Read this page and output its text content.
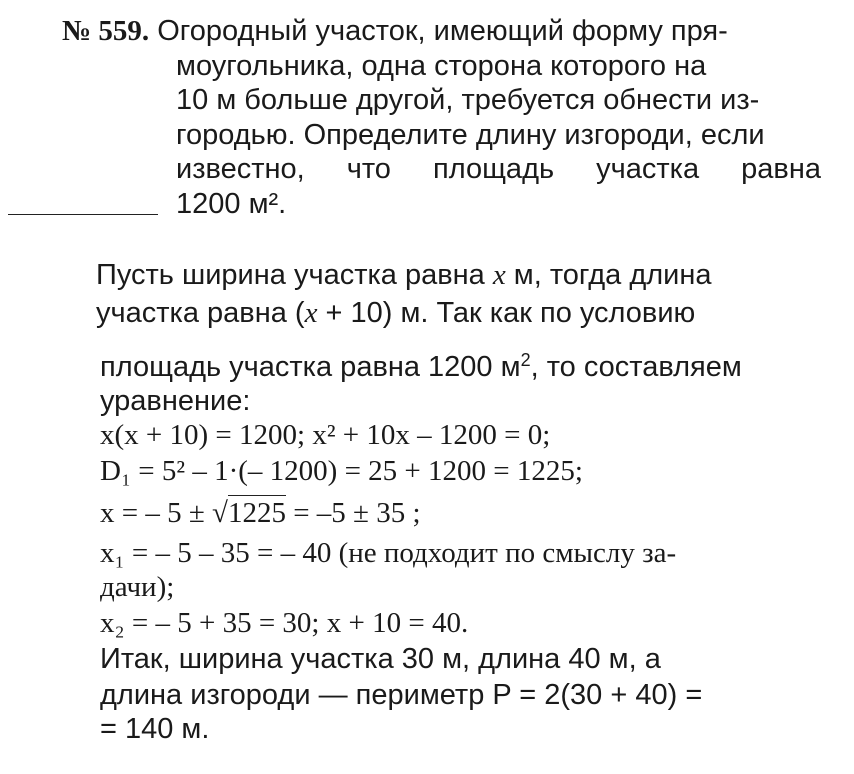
№ 559. Огородный участок, имеющий форму пря-
моугольника, одна сторона которого на
10 м больше другой, требуется обнести из-
городью. Определите длину изгороди, если
известно, что площадь участка равна
1200 м².
Пусть ширина участка равна x м, тогда длина
участка равна (x + 10) м. Так как по условию
площадь участка равна 1200 $м^2$, то составляем
уравнение:
x(x + 10) = 1200; x² + 10x – 1200 = 0;
D₁ = 5² – 1·(– 1200) = 25 + 1200 = 1225;
x = – 5 ± √1225 = –5 ± 35 ;
x₁ = – 5 – 35 = – 40 (не подходит по смыслу за-
дачи);
x₂ = – 5 + 35 = 30; x + 10 = 40.
Итак, ширина участка 30 м, длина 40 м, а
длина изгороди — периметр P = 2(30 + 40) =
= 140 м.
